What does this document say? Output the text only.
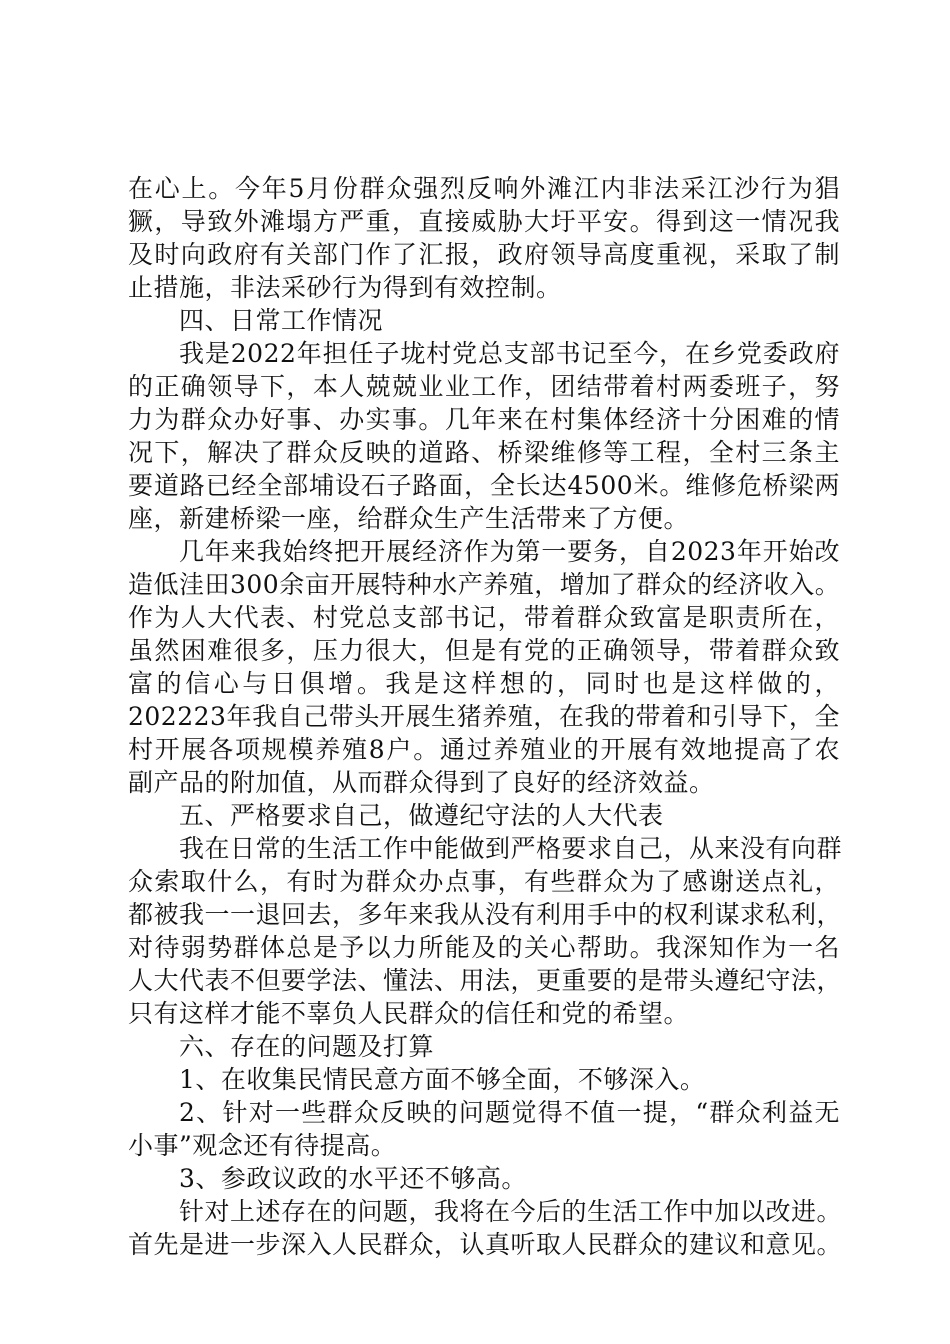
在心上。今年5月份群众强烈反响外滩江内非法采江沙行为猖
獗，导致外滩塌方严重，直接威胁大圩平安。得到这一情况我
及时向政府有关部门作了汇报，政府领导高度重视，采取了制
止措施，非法采砂行为得到有效控制。
四、日常工作情况
我是2022年担任子垅村党总支部书记至今，在乡党委政府
的正确领导下，本人兢兢业业工作，团结带着村两委班子，努
力为群众办好事、办实事。几年来在村集体经济十分困难的情
况下，解决了群众反映的道路、桥梁维修等工程，全村三条主
要道路已经全部埔设石子路面，全长达4500米。维修危桥梁两
座，新建桥梁一座，给群众生产生活带来了方便。
几年来我始终把开展经济作为第一要务，自2023年开始改
造低洼田300余亩开展特种水产养殖，增加了群众的经济收入。
作为人大代表、村党总支部书记，带着群众致富是职责所在，
虽然困难很多，压力很大，但是有党的正确领导，带着群众致
富的信心与日俱增。我是这样想的，同时也是这样做的，
202223年我自己带头开展生猪养殖，在我的带着和引导下，全
村开展各项规模养殖8户。通过养殖业的开展有效地提高了农
副产品的附加值，从而群众得到了良好的经济效益。
五、严格要求自己，做遵纪守法的人大代表
我在日常的生活工作中能做到严格要求自己，从来没有向群
众索取什么，有时为群众办点事，有些群众为了感谢送点礼，
都被我一一退回去，多年来我从没有利用手中的权利谋求私利，
对待弱势群体总是予以力所能及的关心帮助。我深知作为一名
人大代表不但要学法、懂法、用法，更重要的是带头遵纪守法，
只有这样才能不辜负人民群众的信任和党的希望。
六、存在的问题及打算
1、在收集民情民意方面不够全面，不够深入。
2、针对一些群众反映的问题觉得不值一提，“群众利益无
小事”观念还有待提高。
3、参政议政的水平还不够高。
针对上述存在的问题，我将在今后的生活工作中加以改进。
首先是进一步深入人民群众，认真听取人民群众的建议和意见。
